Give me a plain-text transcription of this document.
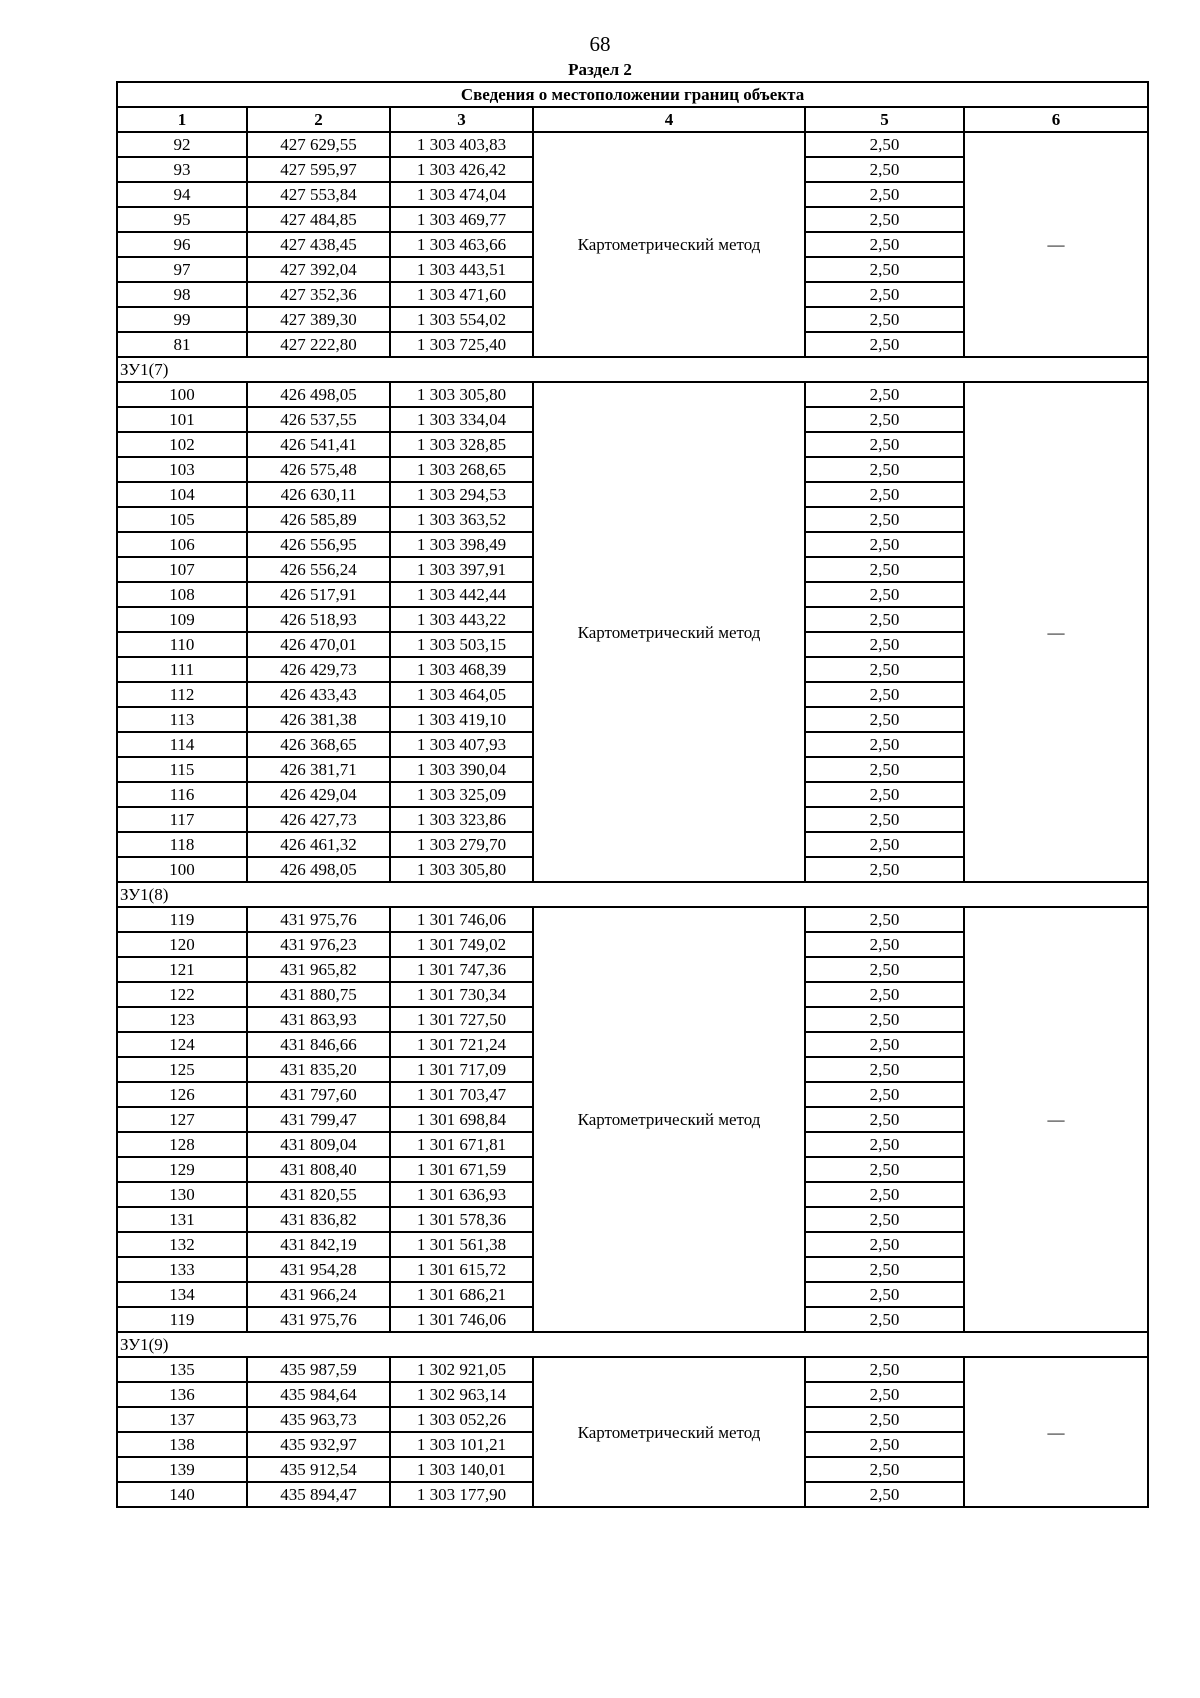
68
Раздел 2
Сведения о местоположении границ объекта					
1	2	3	4	5	6
92	427 629,55	1 303 403,83	Картометрический метод	2,50	—
93	427 595,97	1 303 426,42		2,50	
94	427 553,84	1 303 474,04		2,50	
95	427 484,85	1 303 469,77		2,50	
96	427 438,45	1 303 463,66		2,50	
97	427 392,04	1 303 443,51		2,50	
98	427 352,36	1 303 471,60		2,50	
99	427 389,30	1 303 554,02		2,50	
81	427 222,80	1 303 725,40		2,50	
ЗУ1(7)					
100	426 498,05	1 303 305,80	Картометрический метод	2,50	—
101	426 537,55	1 303 334,04		2,50	
102	426 541,41	1 303 328,85		2,50	
103	426 575,48	1 303 268,65		2,50	
104	426 630,11	1 303 294,53		2,50	
105	426 585,89	1 303 363,52		2,50	
106	426 556,95	1 303 398,49		2,50	
107	426 556,24	1 303 397,91		2,50	
108	426 517,91	1 303 442,44		2,50	
109	426 518,93	1 303 443,22		2,50	
110	426 470,01	1 303 503,15		2,50	
111	426 429,73	1 303 468,39		2,50	
112	426 433,43	1 303 464,05		2,50	
113	426 381,38	1 303 419,10		2,50	
114	426 368,65	1 303 407,93		2,50	
115	426 381,71	1 303 390,04		2,50	
116	426 429,04	1 303 325,09		2,50	
117	426 427,73	1 303 323,86		2,50	
118	426 461,32	1 303 279,70		2,50	
100	426 498,05	1 303 305,80		2,50	
ЗУ1(8)					
119	431 975,76	1 301 746,06	Картометрический метод	2,50	—
120	431 976,23	1 301 749,02		2,50	
121	431 965,82	1 301 747,36		2,50	
122	431 880,75	1 301 730,34		2,50	
123	431 863,93	1 301 727,50		2,50	
124	431 846,66	1 301 721,24		2,50	
125	431 835,20	1 301 717,09		2,50	
126	431 797,60	1 301 703,47		2,50	
127	431 799,47	1 301 698,84		2,50	
128	431 809,04	1 301 671,81		2,50	
129	431 808,40	1 301 671,59		2,50	
130	431 820,55	1 301 636,93		2,50	
131	431 836,82	1 301 578,36		2,50	
132	431 842,19	1 301 561,38		2,50	
133	431 954,28	1 301 615,72		2,50	
134	431 966,24	1 301 686,21		2,50	
119	431 975,76	1 301 746,06		2,50	
ЗУ1(9)					
135	435 987,59	1 302 921,05	Картометрический метод	2,50	—
136	435 984,64	1 302 963,14		2,50	
137	435 963,73	1 303 052,26		2,50	
138	435 932,97	1 303 101,21		2,50	
139	435 912,54	1 303 140,01		2,50	
140	435 894,47	1 303 177,90		2,50	
